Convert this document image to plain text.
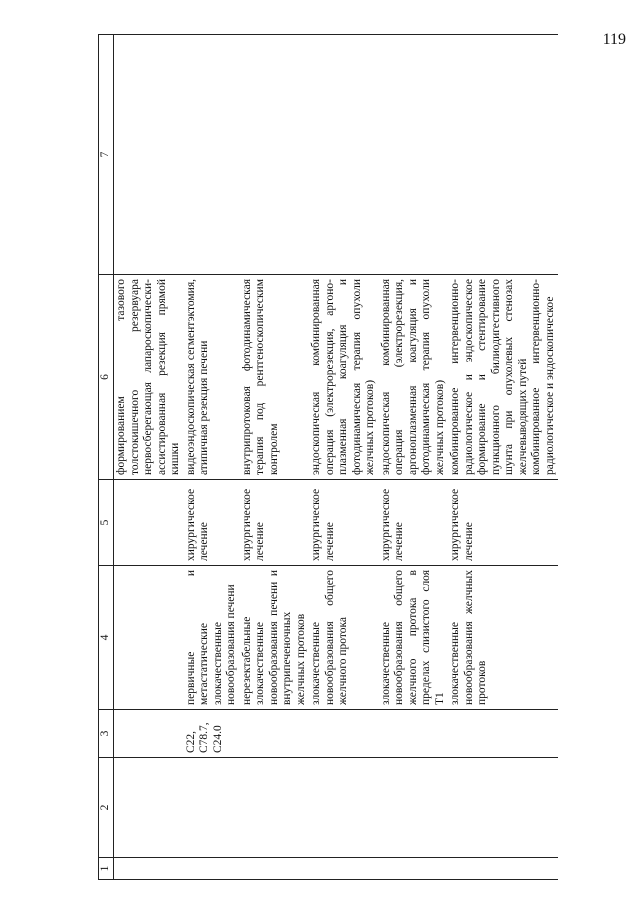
119
1	2	3	4	5	6	7
					формированием тазового толстокишечного резервуара нервосберегающая лапароскопически-ассистированная резекция прямой кишки	
		C22, C78.7, C24.0	первичные и метастатические злокачественные новообразования печени	хирургическое лечение	видеоэндоскопическая сегментэктомия, атипичная резекция печени	
			нерезектабельные злокачественные новообразования печени и внутрипеченочных желчных протоков	хирургическое лечение	внутрипротоковая фотодинамическая терапия под рентгеноскопическим контролем	
			злокачественные новообразования общего желчного протока	хирургическое лечение	эндоскопическая комбинированная операция (электрорезекция, аргоно-плазменная коагуляция и фотодинамическая терапия опухоли желчных протоков)	
			злокачественные новообразования общего желчного протока в пределах слизистого слоя T1	хирургическое лечение	эндоскопическая комбинированная операция (электрорезекция, аргоноплазменная коагуляция и фотодинамическая терапия опухоли желчных протоков)	
			злокачественные новообразования желчных протоков	хирургическое лечение	комбинированное интервенционно-радиологическое и эндоскопическое формирование и стентирование пункционного билиодигестивного шунта при опухолевых стенозах желчевыводящих путей комбинированное интервенционно-радиологическое и эндоскопическое	
